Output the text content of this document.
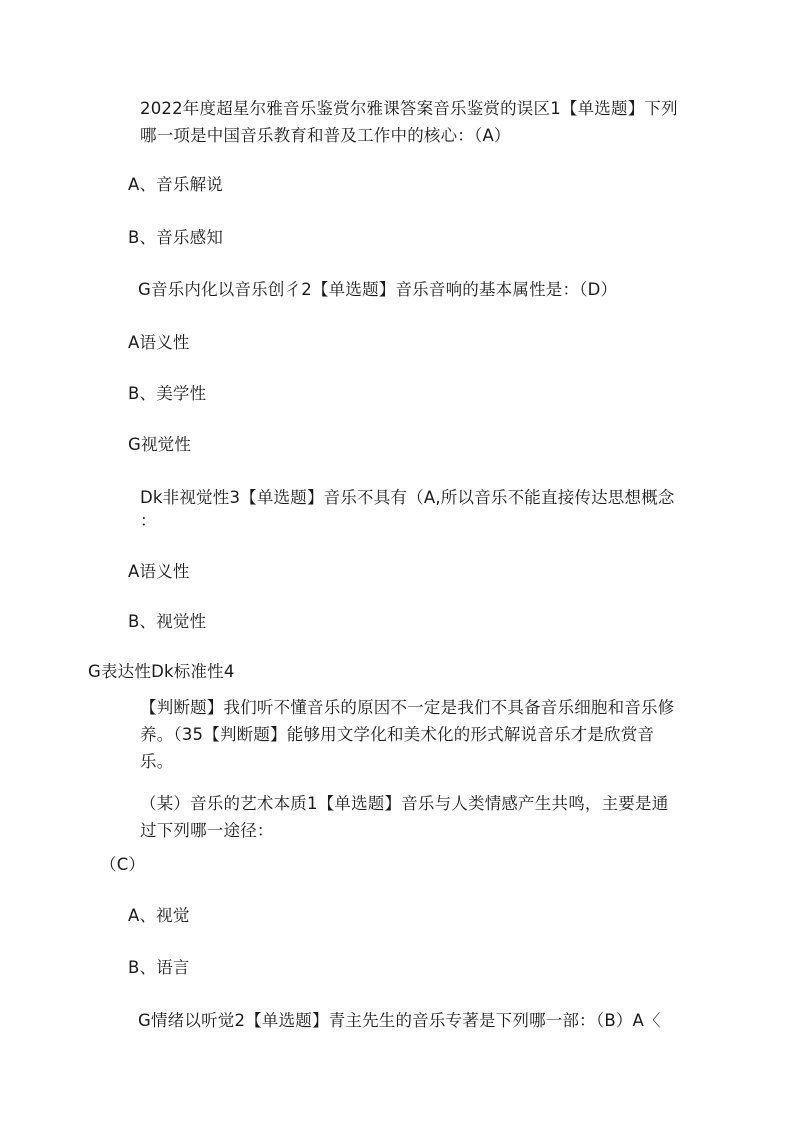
2022年度超星尔雅音乐鉴赏尔雅课答案音乐鉴赏的误区1【单选题】下列
哪一项是中国音乐教育和普及工作中的核心：（A）
A、音乐解说
B、音乐感知
G音乐内化以音乐创彳2【单选题】音乐音响的基本属性是：（D）
A语义性
B、美学性
G视觉性
Dk非视觉性3【单选题】音乐不具有（A,所以音乐不能直接传达思想概念
：
A语义性
B、视觉性
G表达性Dk标准性4
【判断题】我们听不懂音乐的原因不一定是我们不具备音乐细胞和音乐修
养。（35【判断题】能够用文学化和美术化的形式解说音乐才是欣赏音
乐。
（某）音乐的艺术本质1【单选题】音乐与人类情感产生共鸣，主要是通
过下列哪一途径：
（C）
A、视觉
B、语言
G情绪以听觉2【单选题】青主先生的音乐专著是下列哪一部：（B）A〈
